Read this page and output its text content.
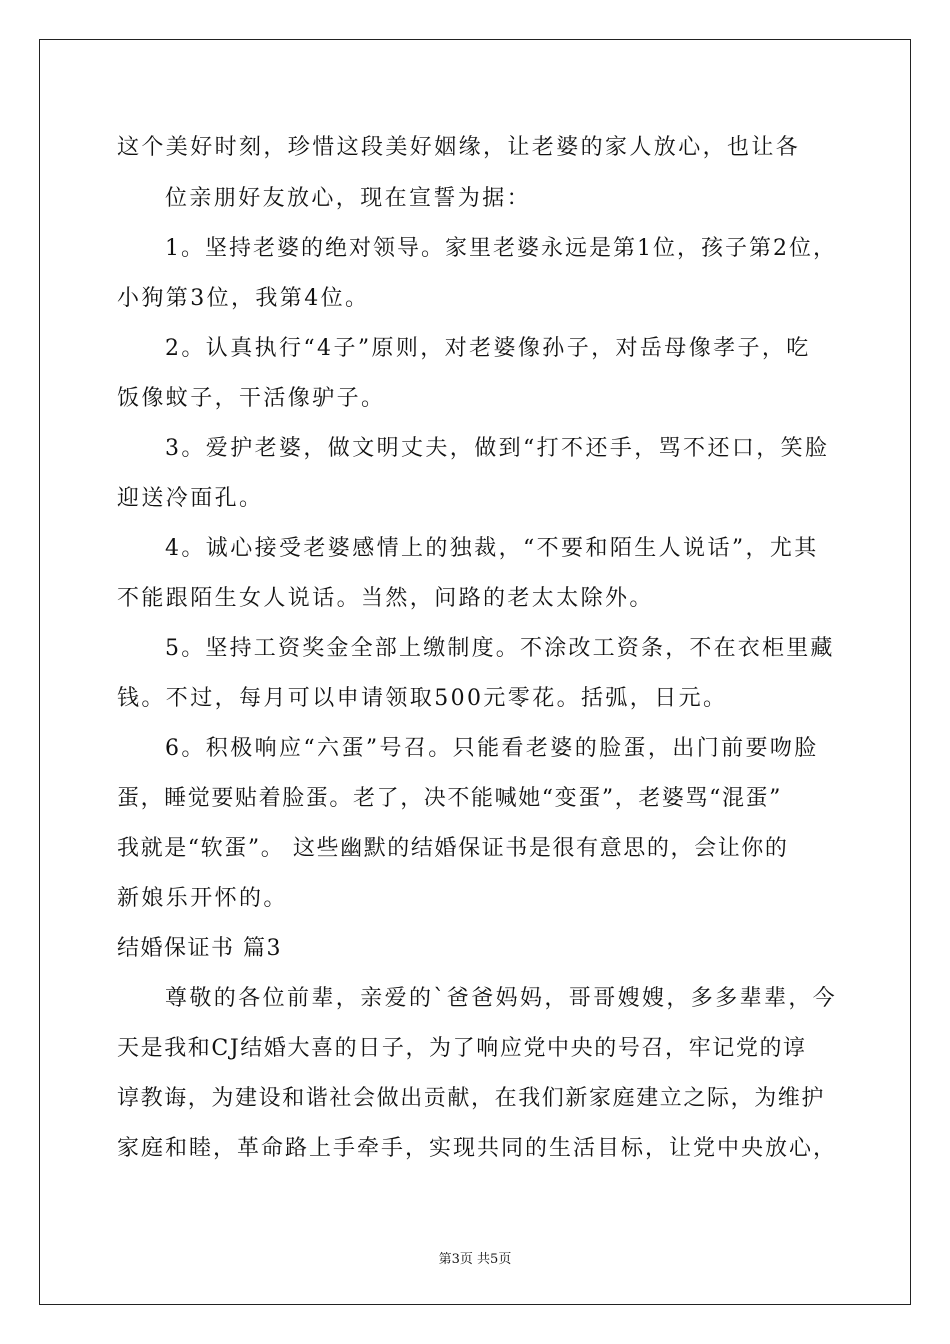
这个美好时刻，珍惜这段美好姻缘，让老婆的家人放心，也让各
位亲朋好友放心，现在宣誓为据：
1。坚持老婆的绝对领导。家里老婆永远是第1位，孩子第2位，
小狗第3位，我第4位。
2。认真执行“4子”原则，对老婆像孙子，对岳母像孝子，吃
饭像蚊子，干活像驴子。
3。爱护老婆，做文明丈夫，做到“打不还手，骂不还口，笑脸
迎送冷面孔。
4。诚心接受老婆感情上的独裁，“不要和陌生人说话”，尤其
不能跟陌生女人说话。当然，问路的老太太除外。
5。坚持工资奖金全部上缴制度。不涂改工资条，不在衣柜里藏
钱。不过，每月可以申请领取500元零花。括弧，日元。
6。积极响应“六蛋”号召。只能看老婆的脸蛋，出门前要吻脸
蛋，睡觉要贴着脸蛋。老了，决不能喊她“变蛋”，老婆骂“混蛋”
我就是“软蛋”。 这些幽默的结婚保证书是很有意思的，会让你的
新娘乐开怀的。
结婚保证书 篇3
尊敬的各位前辈，亲爱的`爸爸妈妈，哥哥嫂嫂，多多辈辈，今
天是我和CJ结婚大喜的日子，为了响应党中央的号召，牢记党的谆
谆教诲，为建设和谐社会做出贡献，在我们新家庭建立之际，为维护
家庭和睦，革命路上手牵手，实现共同的生活目标，让党中央放心，
第3页 共5页
